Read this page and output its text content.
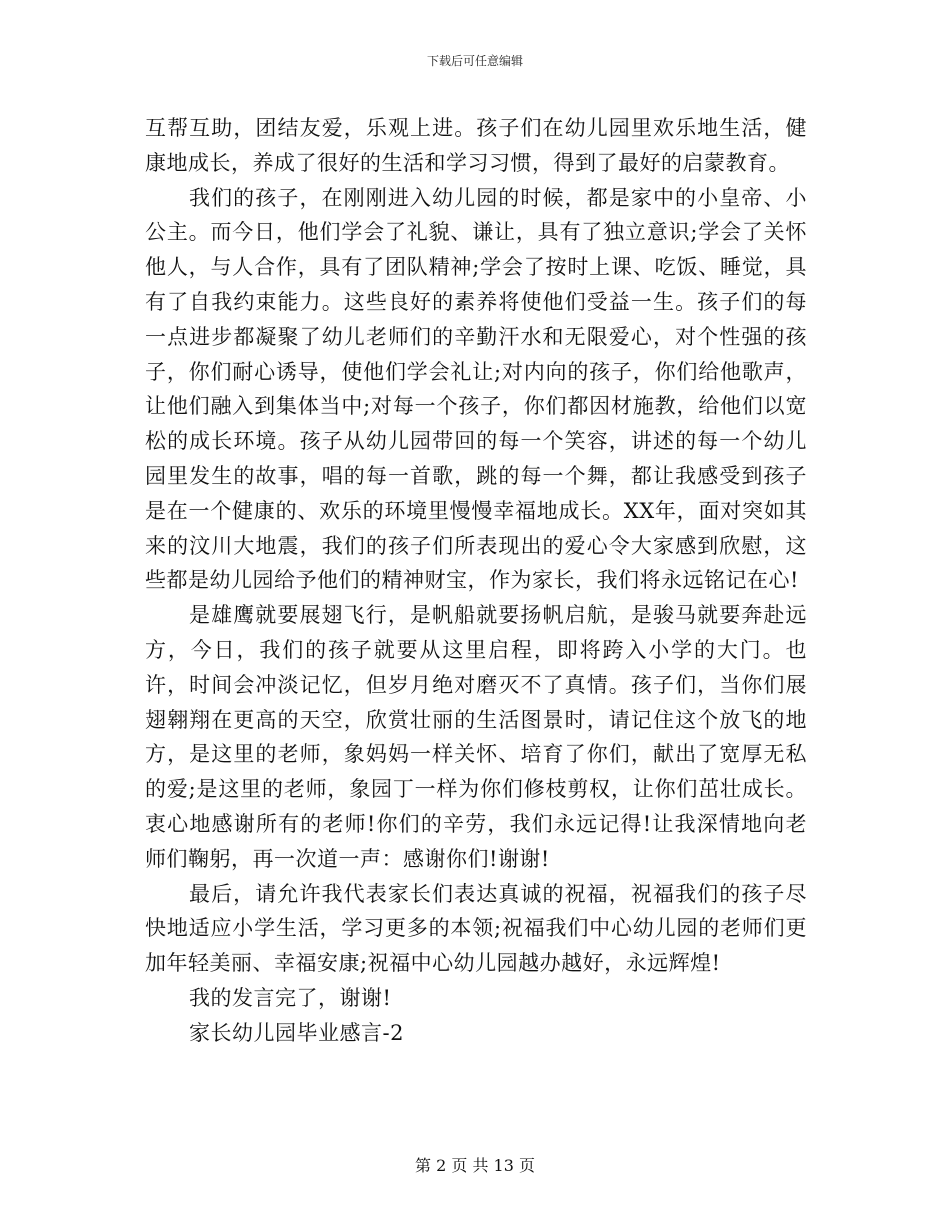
下载后可任意编辑

互帮互助，团结友爱，乐观上进。孩子们在幼儿园里欢乐地生活，健康地成长，养成了很好的生活和学习习惯，得到了最好的启蒙教育。

我们的孩子，在刚刚进入幼儿园的时候，都是家中的小皇帝、小公主。而今日，他们学会了礼貌、谦让，具有了独立意识;学会了关怀他人，与人合作，具有了团队精神;学会了按时上课、吃饭、睡觉，具有了自我约束能力。这些良好的素养将使他们受益一生。孩子们的每一点进步都凝聚了幼儿老师们的辛勤汗水和无限爱心，对个性强的孩子，你们耐心诱导，使他们学会礼让;对内向的孩子，你们给他歌声，让他们融入到集体当中;对每一个孩子，你们都因材施教，给他们以宽松的成长环境。孩子从幼儿园带回的每一个笑容，讲述的每一个幼儿园里发生的故事，唱的每一首歌，跳的每一个舞，都让我感受到孩子是在一个健康的、欢乐的环境里慢慢幸福地成长。XX年，面对突如其来的汶川大地震，我们的孩子们所表现出的爱心令大家感到欣慰，这些都是幼儿园给予他们的精神财宝，作为家长，我们将永远铭记在心!

是雄鹰就要展翅飞行，是帆船就要扬帆启航，是骏马就要奔赴远方，今日，我们的孩子就要从这里启程，即将跨入小学的大门。也许，时间会冲淡记忆，但岁月绝对磨灭不了真情。孩子们，当你们展翅翱翔在更高的天空，欣赏壮丽的生活图景时，请记住这个放飞的地方，是这里的老师，象妈妈一样关怀、培育了你们，献出了宽厚无私的爱;是这里的老师，象园丁一样为你们修枝剪权，让你们茁壮成长。衷心地感谢所有的老师!你们的辛劳，我们永远记得!让我深情地向老师们鞠躬，再一次道一声：感谢你们!谢谢!

最后，请允许我代表家长们表达真诚的祝福，祝福我们的孩子尽快地适应小学生活，学习更多的本领;祝福我们中心幼儿园的老师们更加年轻美丽、幸福安康;祝福中心幼儿园越办越好，永远辉煌!

我的发言完了，谢谢!

家长幼儿园毕业感言-2

第 2 页 共 13 页
